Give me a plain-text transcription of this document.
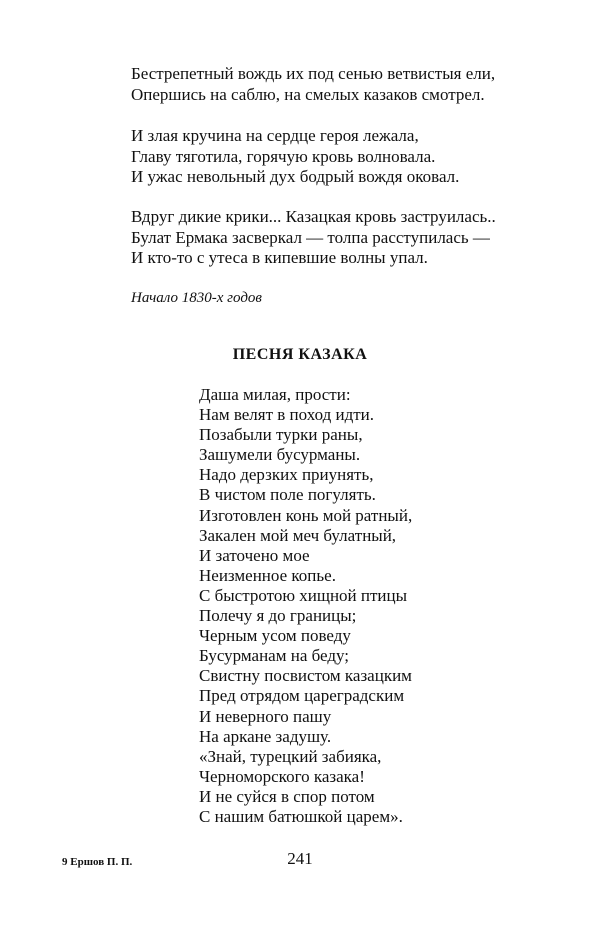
Бестрепетный вождь их под сенью ветвистыя ели,
Опершись на саблю, на смелых казаков смотрел.
И злая кручина на сердце героя лежала,
Главу тяготила, горячую кровь волновала.
И ужас невольный дух бодрый вождя оковал.
Вдруг дикие крики... Казацкая кровь заструилась..
Булат Ермака засверкал — толпа расступилась —
И кто-то с утеса в кипевшие волны упал.
Начало 1830-х годов
ПЕСНЯ КАЗАКА
Даша милая, прости:
Нам велят в поход идти.
Позабыли турки раны,
Зашумели бусурманы.
Надо дерзких приунять,
В чистом поле погулять.
Изготовлен конь мой ратный,
Закален мой меч булатный,
И заточено мое
Неизменное копье.
С быстротою хищной птицы
Полечу я до границы;
Черным усом поведу
Бусурманам на беду;
Свистну посвистом казацким
Пред отрядом цареградским
И неверного пашу
На аркане задушу.
«Знай, турецкий забияка,
Черноморского казака!
И не суйся в спор потом
С нашим батюшкой царем».
9 Ершов П. П.	241
